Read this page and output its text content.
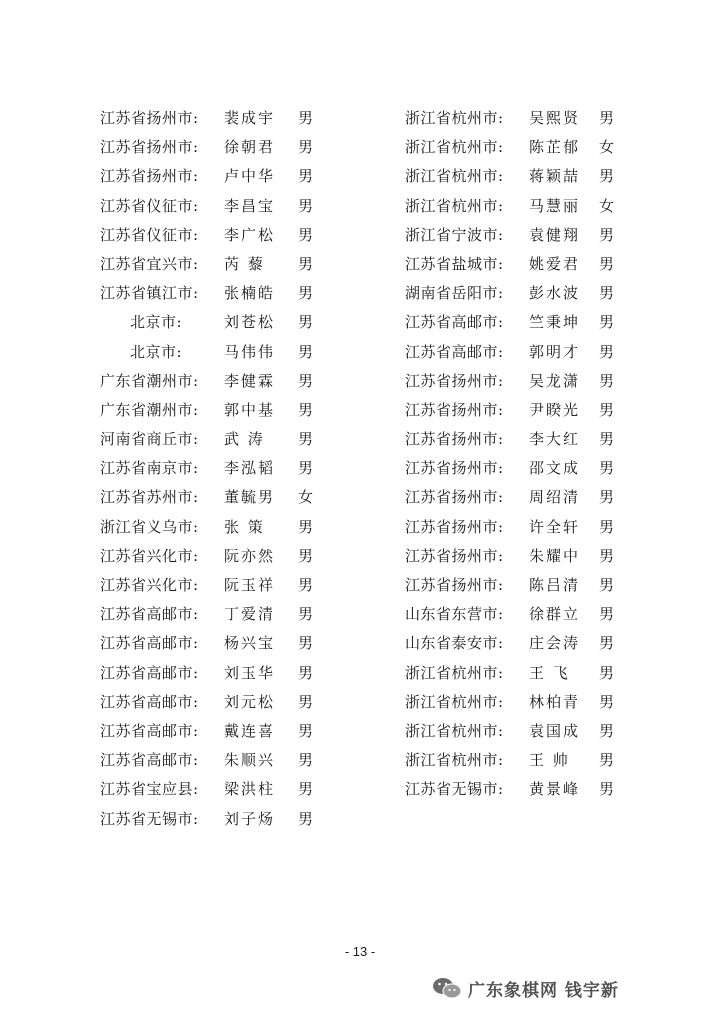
江苏省扬州市:	裴成宇	男
江苏省扬州市:	徐朝君	男
江苏省扬州市:	卢中华	男
江苏省仪征市:	李昌宝	男
江苏省仪征市:	李广松	男
江苏省宜兴市:	芮 藜	男
江苏省镇江市:	张楠皓	男
北京市:	刘苍松	男
北京市:	马伟伟	男
广东省潮州市:	李健霖	男
广东省潮州市:	郭中基	男
河南省商丘市:	武 涛	男
江苏省南京市:	李泓韬	男
江苏省苏州市:	董毓男	女
浙江省义乌市:	张 策	男
江苏省兴化市:	阮亦然	男
江苏省兴化市:	阮玉祥	男
江苏省高邮市:	丁爱清	男
江苏省高邮市:	杨兴宝	男
江苏省高邮市:	刘玉华	男
江苏省高邮市:	刘元松	男
江苏省高邮市:	戴连喜	男
江苏省高邮市:	朱顺兴	男
江苏省宝应县:	梁洪柱	男
江苏省无锡市:	刘子炀	男
浙江省杭州市:	吴熙贤	男
浙江省杭州市:	陈芷郁	女
浙江省杭州市:	蒋颖喆	男
浙江省杭州市:	马慧丽	女
浙江省宁波市:	袁健翔	男
江苏省盐城市:	姚爱君	男
湖南省岳阳市:	彭水波	男
江苏省高邮市:	竺秉坤	男
江苏省高邮市:	郭明才	男
江苏省扬州市:	吴龙潇	男
江苏省扬州市:	尹睽光	男
江苏省扬州市:	李大红	男
江苏省扬州市:	邵文成	男
江苏省扬州市:	周绍清	男
江苏省扬州市:	许全轩	男
江苏省扬州市:	朱耀中	男
江苏省扬州市:	陈吕清	男
山东省东营市:	徐群立	男
山东省泰安市:	庄会涛	男
浙江省杭州市:	王 飞	男
浙江省杭州市:	林柏青	男
浙江省杭州市:	袁国成	男
浙江省杭州市:	王 帅	男
江苏省无锡市:	黄景峰	男
- 13 -
广东象棋网 钱宇新
